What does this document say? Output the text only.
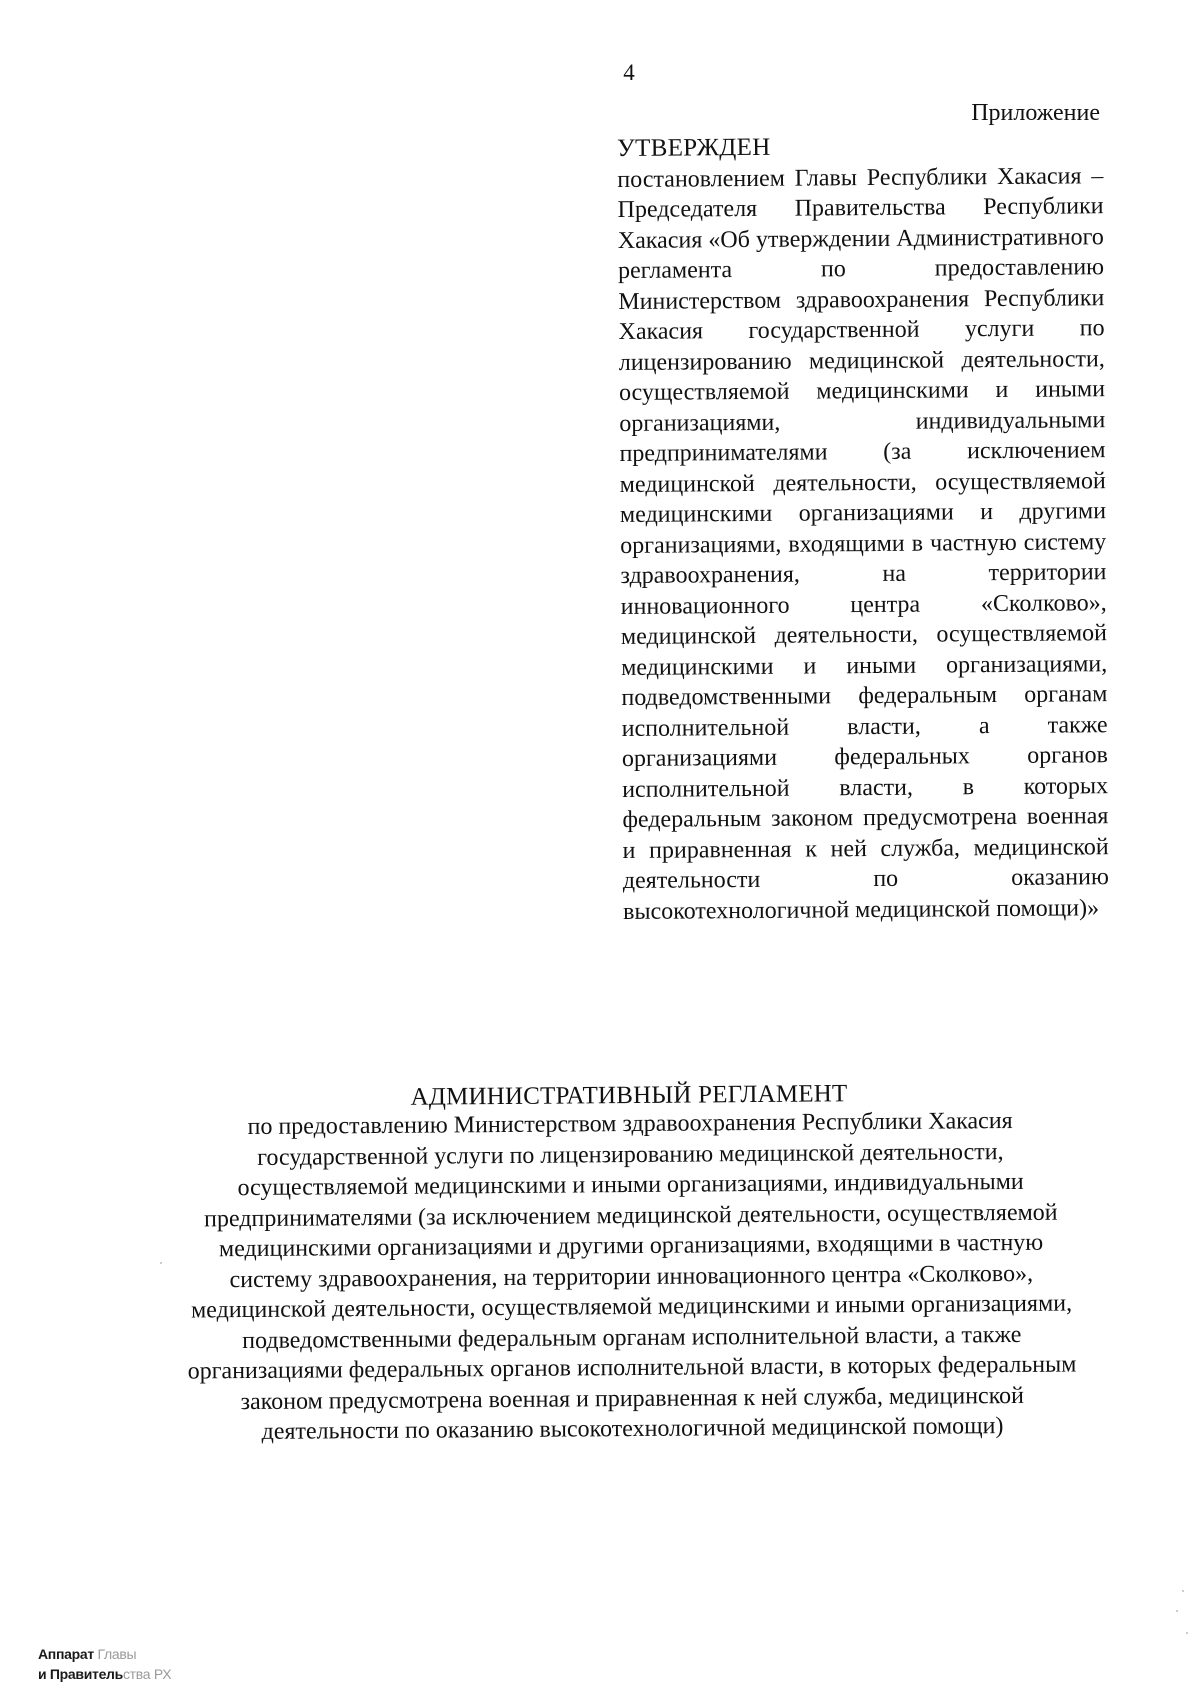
4
Приложение
УТВЕРЖДЕН
постановлением Главы Республики Хакасия – Председателя Правительства Республики Хакасия «Об утверждении Административного регламента по предоставлению Министерством здравоохранения Республики Хакасия государственной услуги по лицензированию медицинской деятельности, осуществляемой медицинскими и иными организациями, индивидуальными предпринимателями (за исключением медицинской деятельности, осуществляемой медицинскими организациями и другими организациями, входящими в частную систему здравоохранения, на территории инновационного центра «Сколково», медицинской деятельности, осуществляемой медицинскими и иными организациями, подведомственными федеральным органам исполнительной власти, а также организациями федеральных органов исполнительной власти, в которых федеральным законом предусмотрена военная и приравненная к ней служба, медицинской деятельности по оказанию высокотехнологичной медицинской помощи)»
АДМИНИСТРАТИВНЫЙ РЕГЛАМЕНТ
по предоставлению Министерством здравоохранения Республики Хакасия государственной услуги по лицензированию медицинской деятельности, осуществляемой медицинскими и иными организациями, индивидуальными предпринимателями (за исключением медицинской деятельности, осуществляемой медицинскими организациями и другими организациями, входящими в частную систему здравоохранения, на территории инновационного центра «Сколково», медицинской деятельности, осуществляемой медицинскими и иными организациями, подведомственными федеральным органам исполнительной власти, а также организациями федеральных органов исполнительной власти, в которых федеральным законом предусмотрена военная и приравненная к ней служба, медицинской деятельности по оказанию высокотехнологичной медицинской помощи)
Аппарат Главы
и Правительства РХ
